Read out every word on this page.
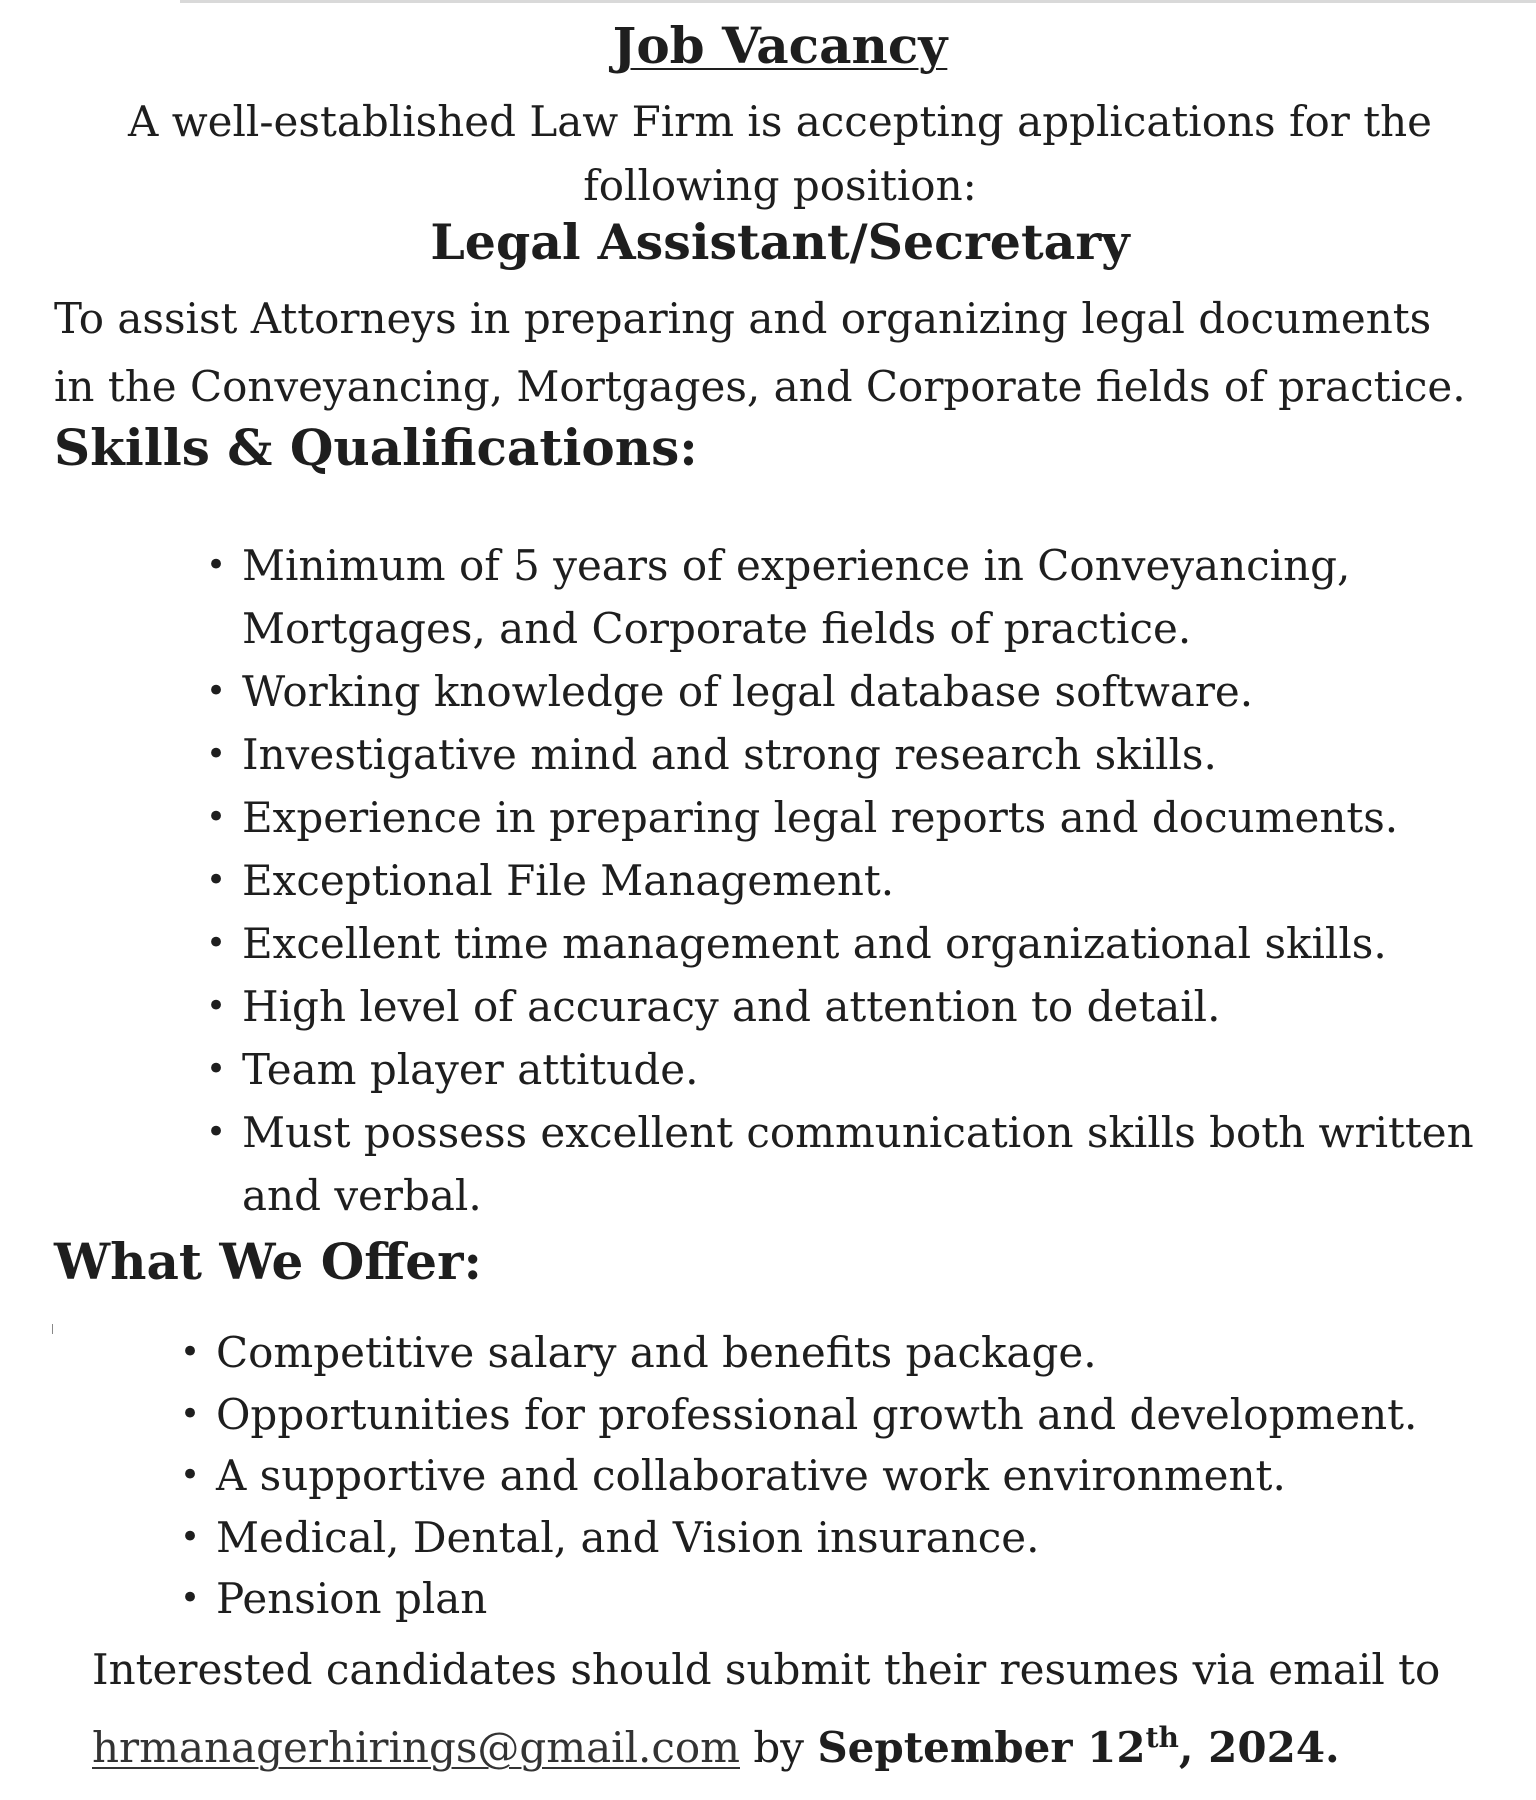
Job Vacancy
A well-established Law Firm is accepting applications for the
following position:
Legal Assistant/Secretary
To assist Attorneys in preparing and organizing legal documents
in the Conveyancing, Mortgages, and Corporate fields of practice.
Skills & Qualifications:
• Minimum of 5 years of experience in Conveyancing,
Mortgages, and Corporate fields of practice.
• Working knowledge of legal database software.
• Investigative mind and strong research skills.
• Experience in preparing legal reports and documents.
• Exceptional File Management.
• Excellent time management and organizational skills.
• High level of accuracy and attention to detail.
• Team player attitude.
• Must possess excellent communication skills both written
and verbal.
What We Offer:
• Competitive salary and benefits package.
• Opportunities for professional growth and development.
• A supportive and collaborative work environment.
• Medical, Dental, and Vision insurance.
• Pension plan
Interested candidates should submit their resumes via email to
hrmanagerhirings@gmail.com by September 12th, 2024.
